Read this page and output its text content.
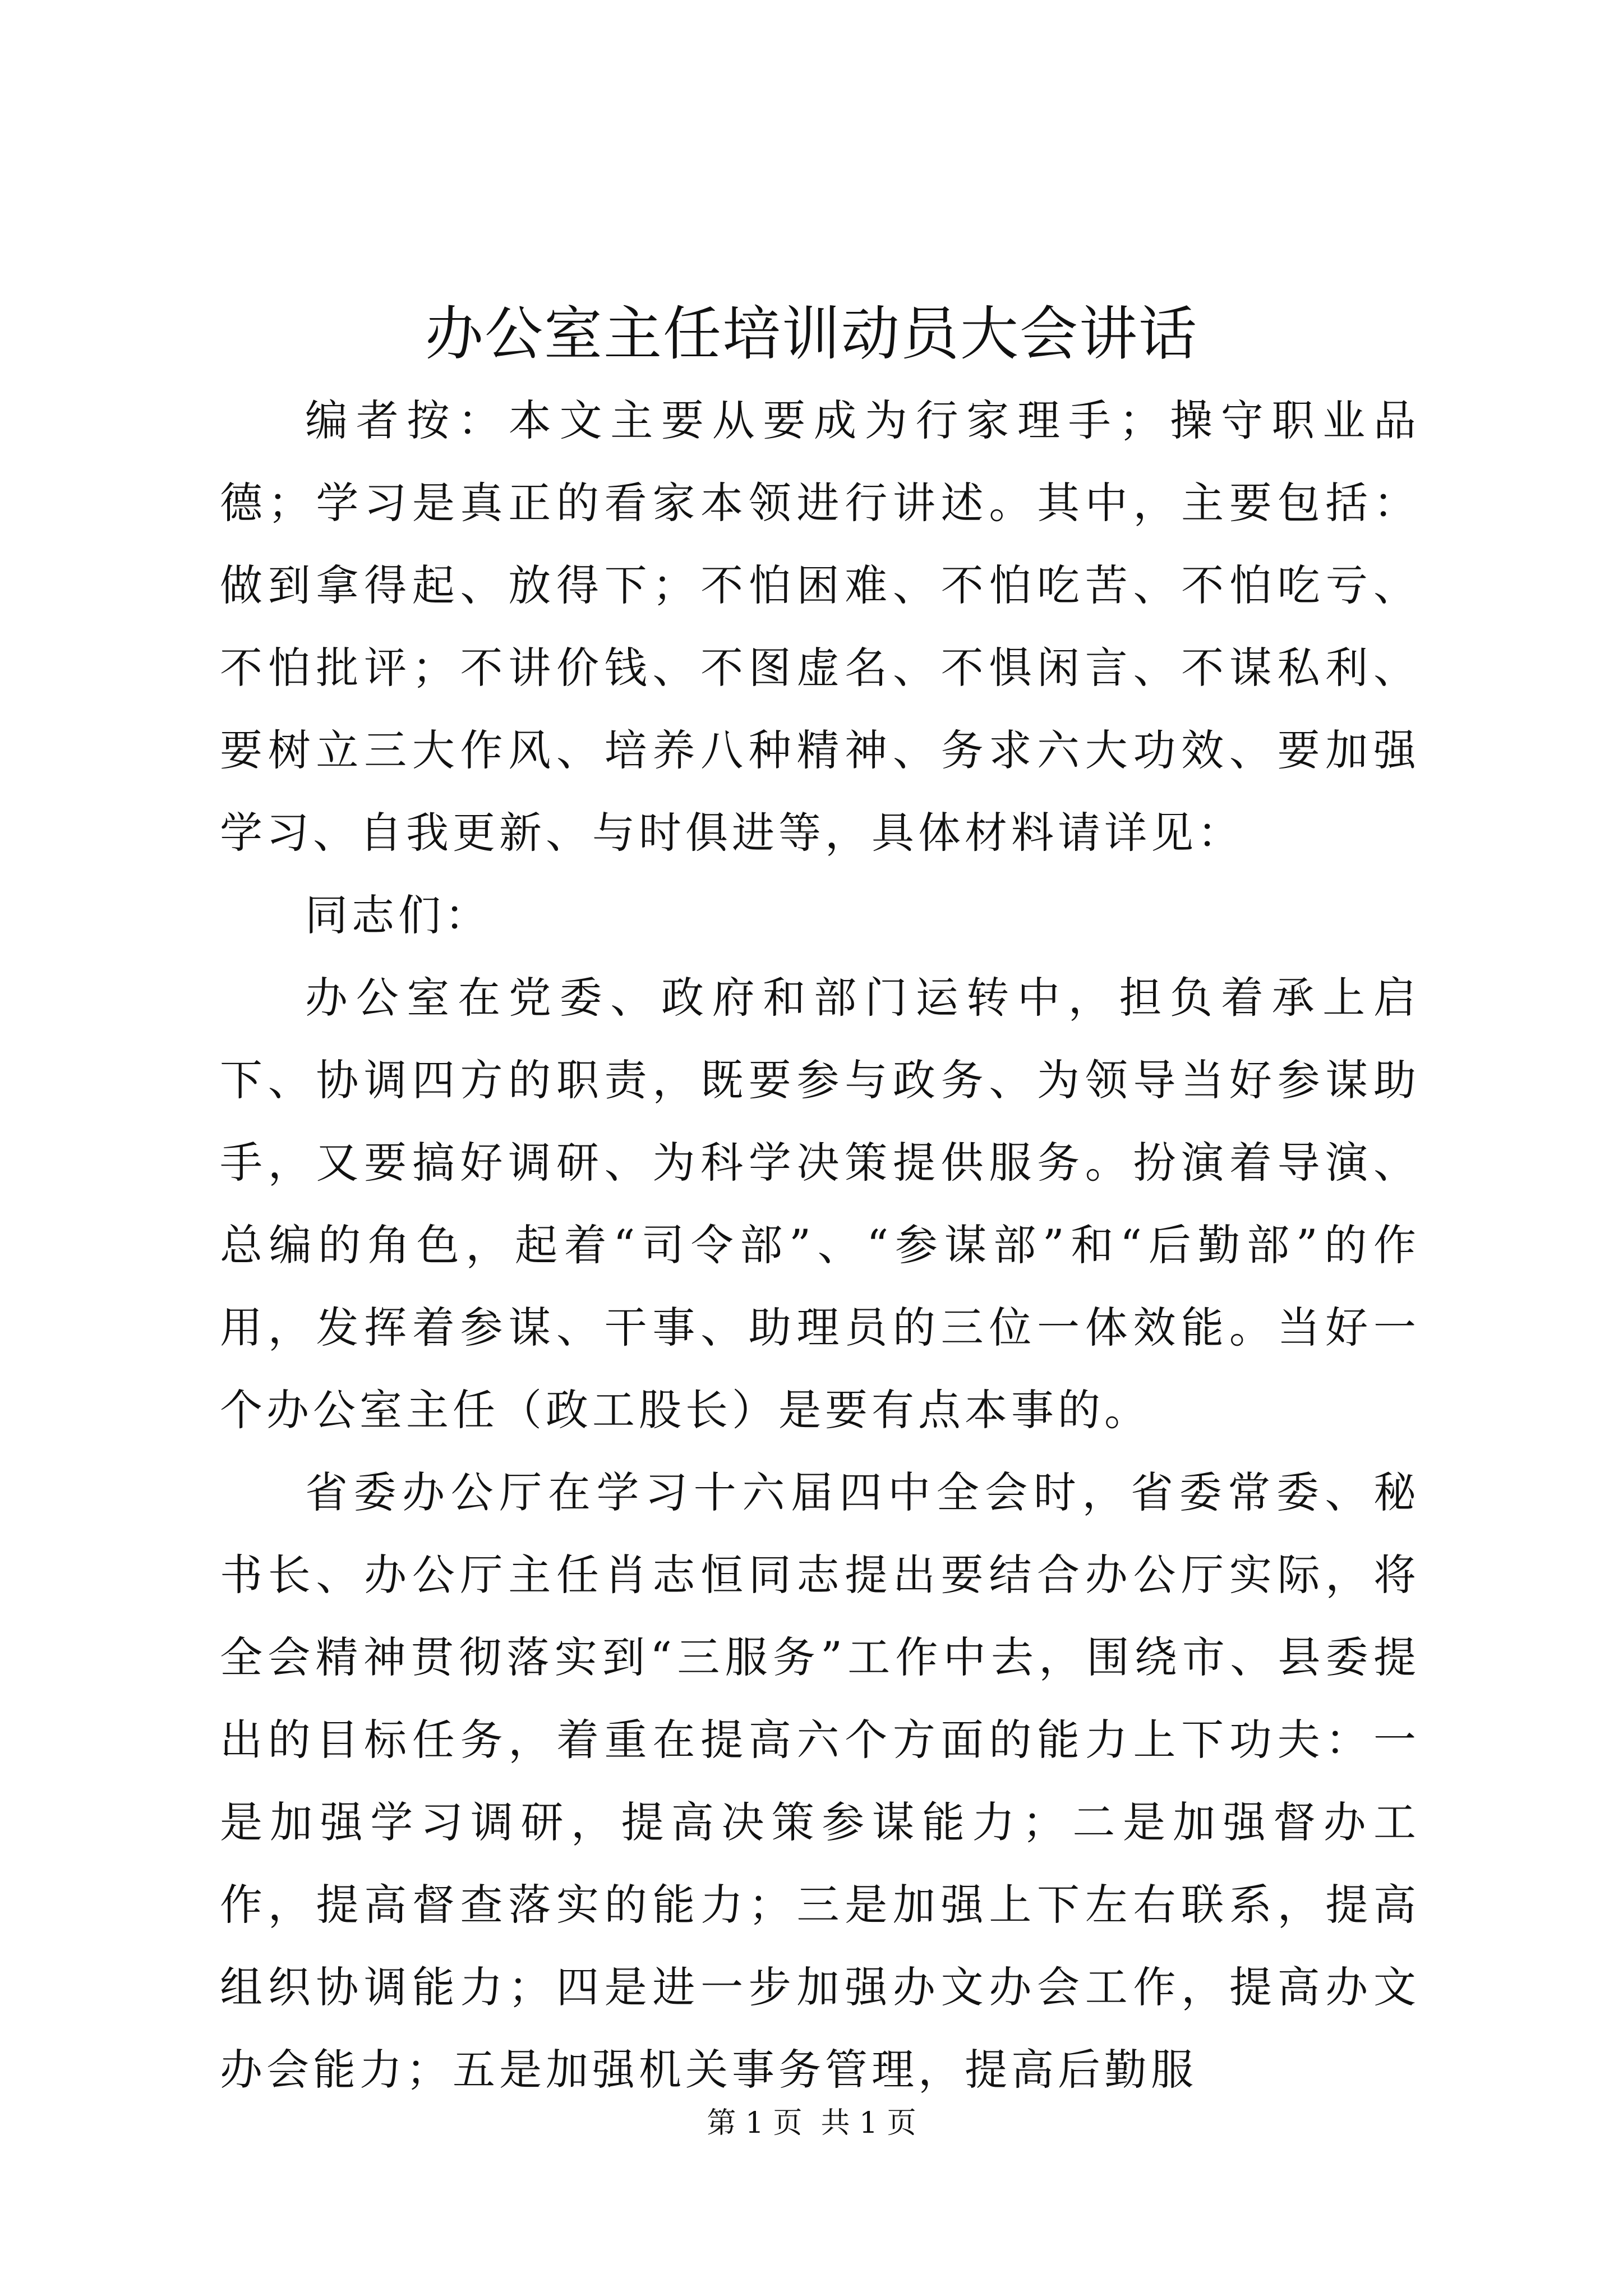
办公室主任培训动员大会讲话

编者按：本文主要从要成为行家理手；操守职业品德；学习是真正的看家本领进行讲述。其中，主要包括：做到拿得起、放得下；不怕困难、不怕吃苦、不怕吃亏、不怕批评；不讲价钱、不图虚名、不惧闲言、不谋私利、要树立三大作风、培养八种精神、务求六大功效、要加强学习、自我更新、与时俱进等，具体材料请详见：

同志们：

办公室在党委、政府和部门运转中，担负着承上启下、协调四方的职责，既要参与政务、为领导当好参谋助手，又要搞好调研、为科学决策提供服务。扮演着导演、总编的角色，起着“司令部”、“参谋部”和“后勤部”的作用，发挥着参谋、干事、助理员的三位一体效能。当好一个办公室主任（政工股长）是要有点本事的。

省委办公厅在学习十六届四中全会时，省委常委、秘书长、办公厅主任肖志恒同志提出要结合办公厅实际，将全会精神贯彻落实到“三服务”工作中去，围绕市、县委提出的目标任务，着重在提高六个方面的能力上下功夫：一是加强学习调研，提高决策参谋能力；二是加强督办工作，提高督查落实的能力；三是加强上下左右联系，提高组织协调能力；四是进一步加强办文办会工作，提高办文办会能力；五是加强机关事务管理，提高后勤服

第 1 页  共 1 页
